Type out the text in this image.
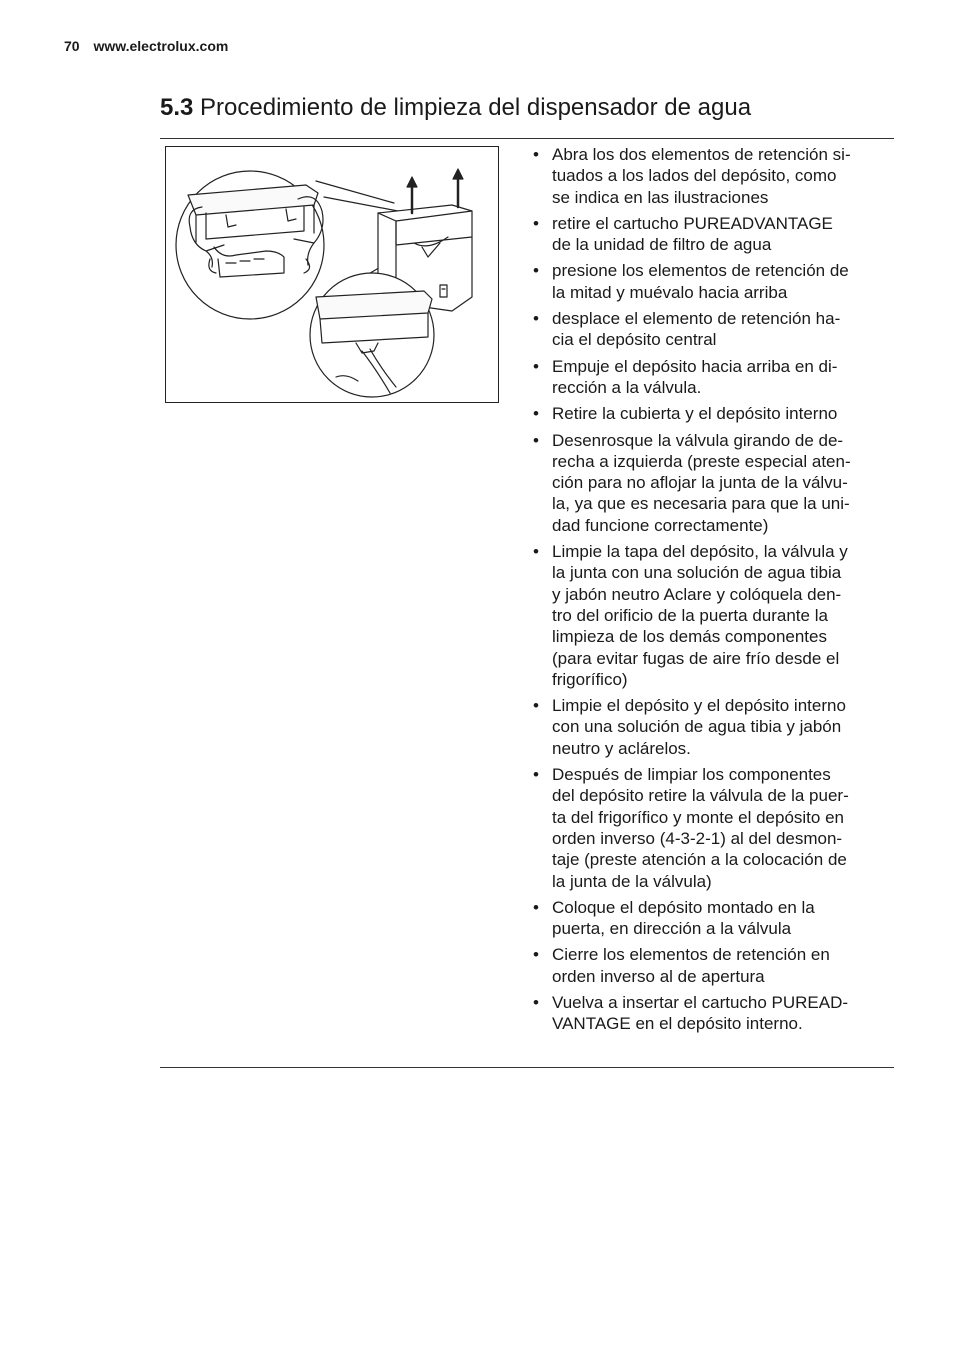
70 www.electrolux.com
5.3 Procedimiento de limpieza del dispensador de agua
• Abra los dos elementos de retención si-
tuados a los lados del depósito, como
se indica en las ilustraciones
• retire el cartucho PUREADVANTAGE
de la unidad de filtro de agua
• presione los elementos de retención de
la mitad y muévalo hacia arriba
• desplace el elemento de retención ha-
cia el depósito central
• Empuje el depósito hacia arriba en di-
rección a la válvula.
• Retire la cubierta y el depósito interno
• Desenrosque la válvula girando de de-
recha a izquierda (preste especial aten-
ción para no aflojar la junta de la válvu-
la, ya que es necesaria para que la uni-
dad funcione correctamente)
• Limpie la tapa del depósito, la válvula y
la junta con una solución de agua tibia
y jabón neutro Aclare y colóquela den-
tro del orificio de la puerta durante la
limpieza de los demás componentes
(para evitar fugas de aire frío desde el
frigorífico)
• Limpie el depósito y el depósito interno
con una solución de agua tibia y jabón
neutro y aclárelos.
• Después de limpiar los componentes
del depósito retire la válvula de la puer-
ta del frigorífico y monte el depósito en
orden inverso (4-3-2-1) al del desmon-
taje (preste atención a la colocación de
la junta de la válvula)
• Coloque el depósito montado en la
puerta, en dirección a la válvula
• Cierre los elementos de retención en
orden inverso al de apertura
• Vuelva a insertar el cartucho PUREAD-
VANTAGE en el depósito interno.
